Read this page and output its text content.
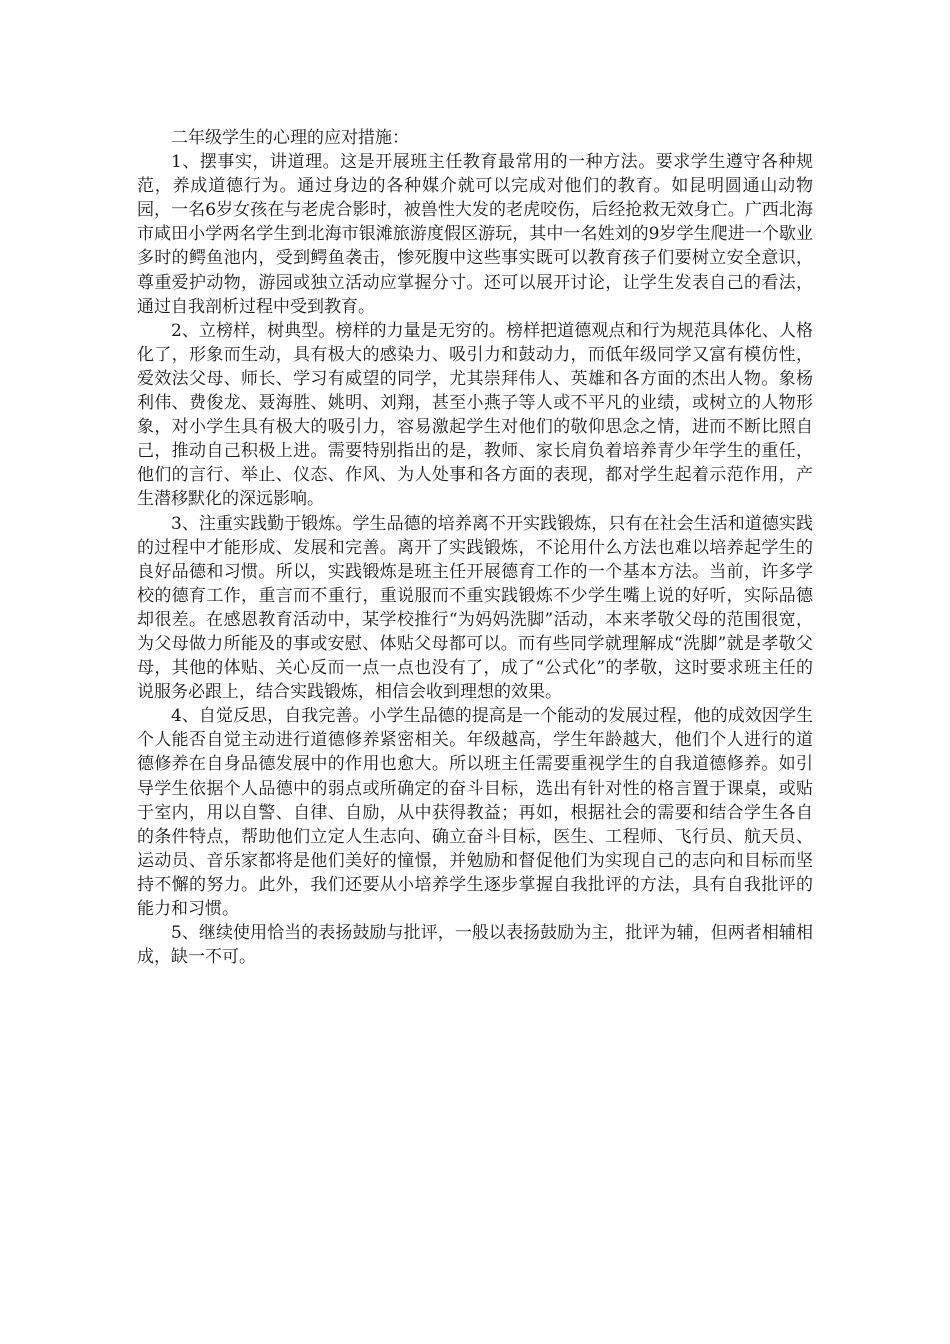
二年级学生的心理的应对措施：

1、摆事实，讲道理。这是开展班主任教育最常用的一种方法。要求学生遵守各种规范，养成道德行为。通过身边的各种媒介就可以完成对他们的教育。如昆明圆通山动物园，一名6岁女孩在与老虎合影时，被兽性大发的老虎咬伤，后经抢救无效身亡。广西北海市咸田小学两名学生到北海市银滩旅游度假区游玩，其中一名姓刘的9岁学生爬进一个歇业多时的鳄鱼池内，受到鳄鱼袭击，惨死腹中这些事实既可以教育孩子们要树立安全意识，尊重爱护动物，游园或独立活动应掌握分寸。还可以展开讨论，让学生发表自己的看法，通过自我剖析过程中受到教育。

2、立榜样，树典型。榜样的力量是无穷的。榜样把道德观点和行为规范具体化、人格化了，形象而生动，具有极大的感染力、吸引力和鼓动力，而低年级同学又富有模仿性，爱效法父母、师长、学习有威望的同学，尤其崇拜伟人、英雄和各方面的杰出人物。象杨利伟、费俊龙、聂海胜、姚明、刘翔，甚至小燕子等人或不平凡的业绩，或树立的人物形象，对小学生具有极大的吸引力，容易激起学生对他们的敬仰思念之情，进而不断比照自己，推动自己积极上进。需要特别指出的是，教师、家长肩负着培养青少年学生的重任，他们的言行、举止、仪态、作风、为人处事和各方面的表现，都对学生起着示范作用，产生潜移默化的深远影响。

3、注重实践勤于锻炼。学生品德的培养离不开实践锻炼，只有在社会生活和道德实践的过程中才能形成、发展和完善。离开了实践锻炼，不论用什么方法也难以培养起学生的良好品德和习惯。所以，实践锻炼是班主任开展德育工作的一个基本方法。当前，许多学校的德育工作，重言而不重行，重说服而不重实践锻炼不少学生嘴上说的好听，实际品德却很差。在感恩教育活动中，某学校推行“为妈妈洗脚”活动，本来孝敬父母的范围很宽，为父母做力所能及的事或安慰、体贴父母都可以。而有些同学就理解成“洗脚”就是孝敬父母，其他的体贴、关心反而一点一点也没有了，成了“公式化”的孝敬，这时要求班主任的说服务必跟上，结合实践锻炼，相信会收到理想的效果。

4、自觉反思，自我完善。小学生品德的提高是一个能动的发展过程，他的成效因学生个人能否自觉主动进行道德修养紧密相关。年级越高，学生年龄越大，他们个人进行的道德修养在自身品德发展中的作用也愈大。所以班主任需要重视学生的自我道德修养。如引导学生依据个人品德中的弱点或所确定的奋斗目标，选出有针对性的格言置于课桌，或贴于室内，用以自警、自律、自励，从中获得教益；再如，根据社会的需要和结合学生各自的条件特点，帮助他们立定人生志向、确立奋斗目标，医生、工程师、飞行员、航天员、运动员、音乐家都将是他们美好的憧憬，并勉励和督促他们为实现自己的志向和目标而坚持不懈的努力。此外，我们还要从小培养学生逐步掌握自我批评的方法，具有自我批评的能力和习惯。

5、继续使用恰当的表扬鼓励与批评，一般以表扬鼓励为主，批评为辅，但两者相辅相成，缺一不可。
